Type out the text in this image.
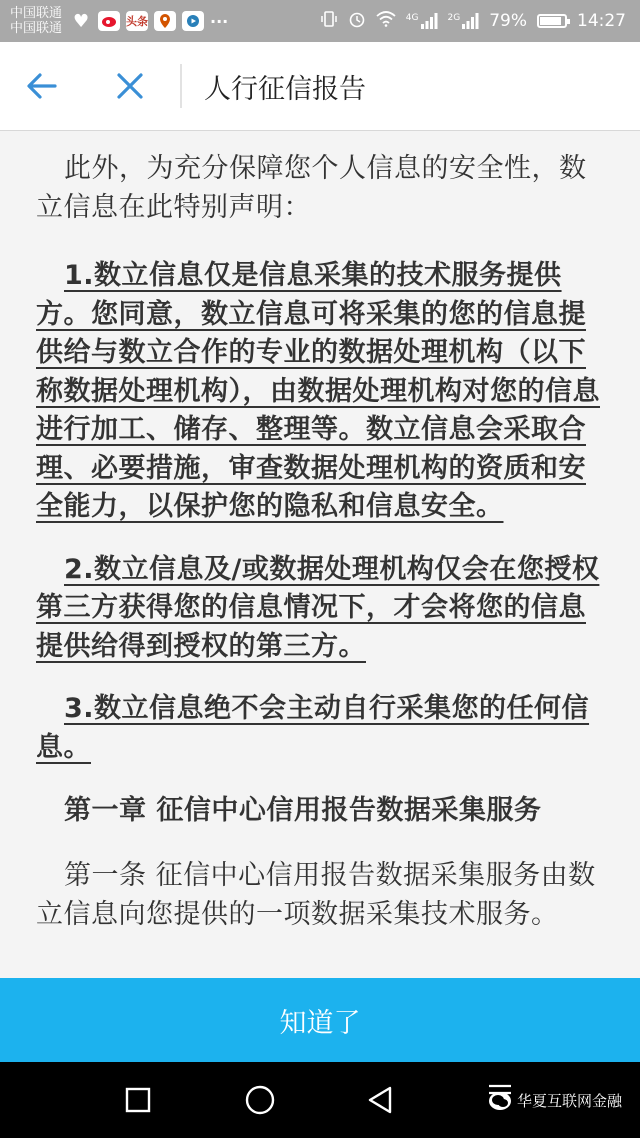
中国联通
中国联通 ♥	头条	···	4G	2G 79%	14:27
人行征信报告

此外，为充分保障您个人信息的安全性，数立信息在此特别声明：

1.数立信息仅是信息采集的技术服务提供方。您同意，数立信息可将采集的您的信息提供给与数立合作的专业的数据处理机构（以下称数据处理机构），由数据处理机构对您的信息进行加工、储存、整理等。数立信息会采取合理、必要措施，审查数据处理机构的资质和安全能力，以保护您的隐私和信息安全。

2.数立信息及/或数据处理机构仅会在您授权第三方获得您的信息情况下，才会将您的信息提供给得到授权的第三方。

3.数立信息绝不会主动自行采集您的任何信息。

第一章 征信中心信用报告数据采集服务

第一条 征信中心信用报告数据采集服务由数立信息向您提供的一项数据采集技术服务。

知道了
华夏互联网金融
